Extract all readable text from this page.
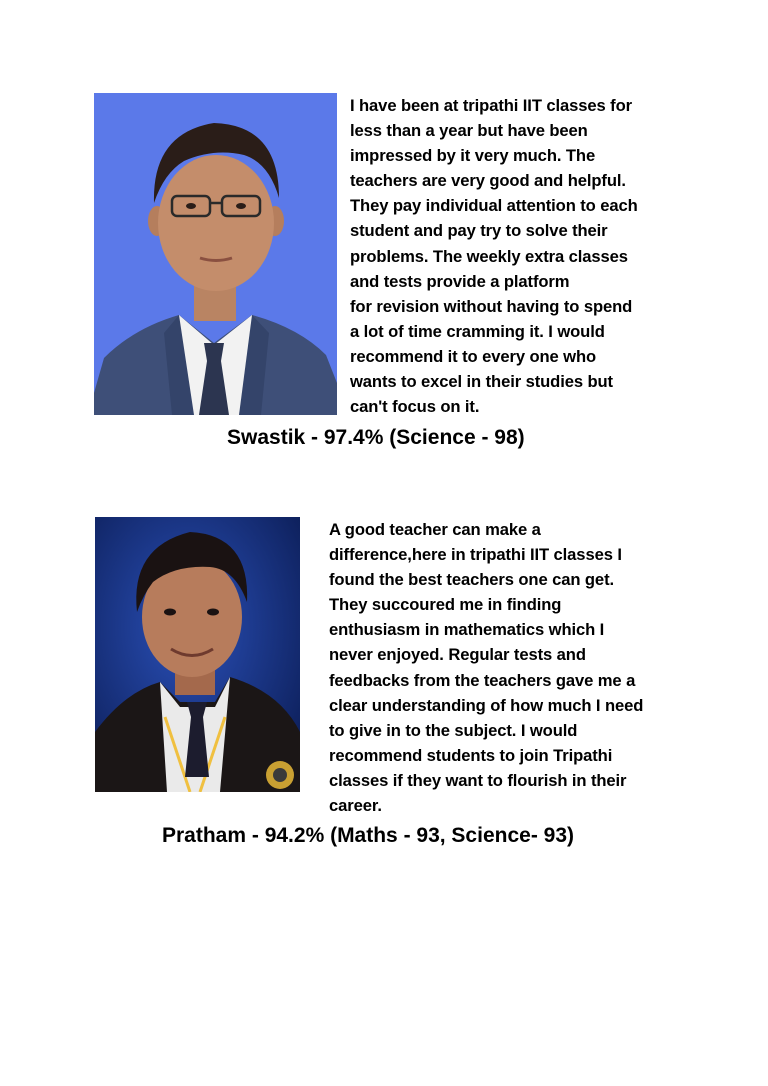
I have been at tripathi IIT classes for
less than a year but have been
impressed by it very much. The
teachers are very good and helpful.
They pay individual attention to each
student and pay try to solve their
problems. The weekly extra classes
and tests provide a platform
for revision without having to spend
a lot of time cramming it. I would
recommend it to every one who
wants to excel in their studies but
can't focus on it.
Swastik - 97.4% (Science - 98)
A good teacher can make a
difference,here in tripathi IIT classes I
found the best teachers one can get.
They succoured me in finding
enthusiasm in mathematics which I
never enjoyed. Regular tests and
feedbacks from the teachers gave me a
clear understanding of how much I need
to give in to the subject. I would
recommend students to join Tripathi
classes if they want to flourish in their
career.
Pratham - 94.2% (Maths - 93, Science- 93)
